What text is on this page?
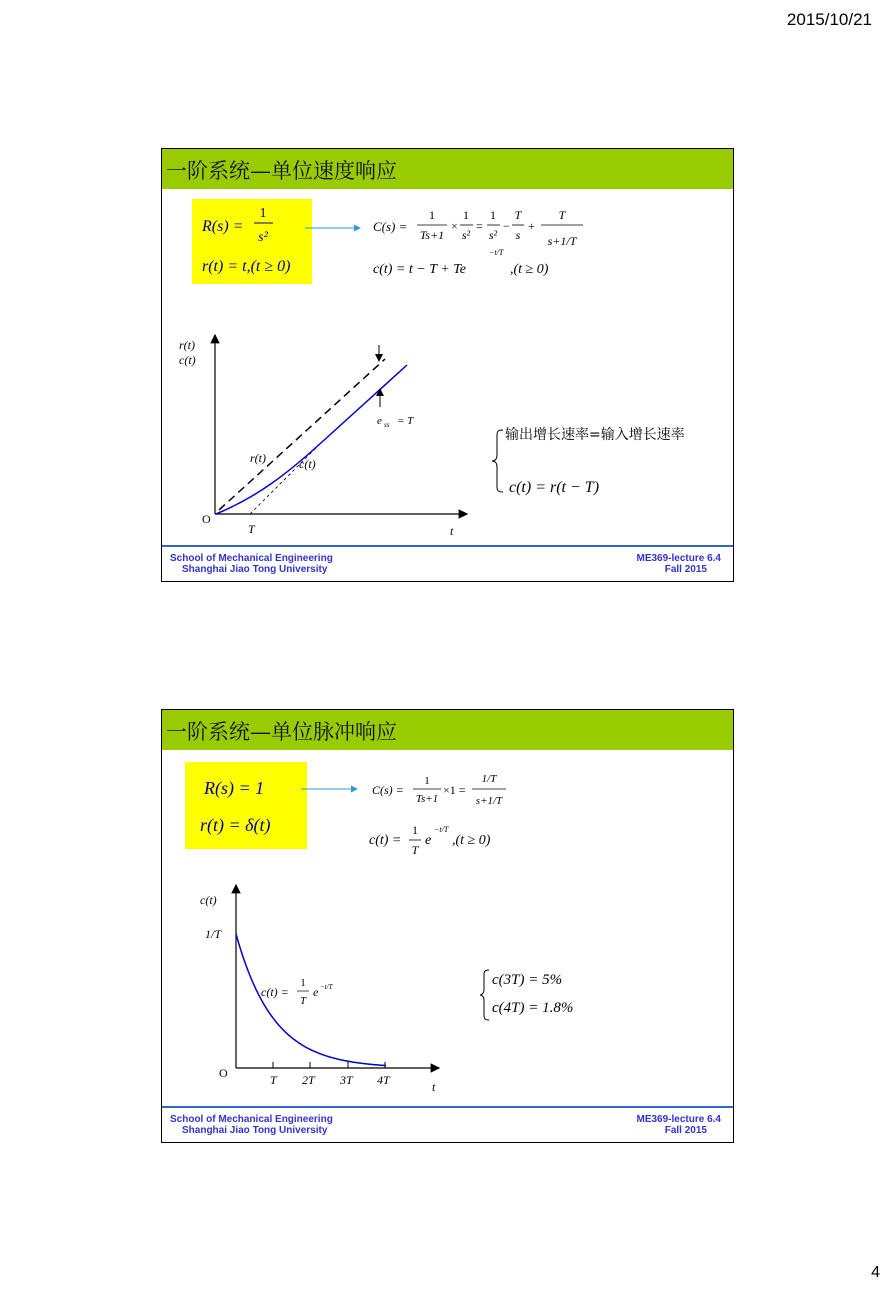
2015/10/21
一阶系统—单位速度响应
R(s) =
1
s²
r(t) = t,(t ≥ 0)
C(s) =
1
Ts+1
×
1
s²
=
1
s²
−
T
s
+
T
s+1/T
c(t) = t − T + Te
−t/T
,(t ≥ 0)
r(t)
c(t)
O
T	t
e ss = T
r(t)	c(t)
输出增长速率=输入增长速率
c(t) = r(t − T)
School of Mechanical Engineering
Shanghai Jiao Tong University
ME369-lecture 6.4
Fall 2015
一阶系统—单位脉冲响应
R(s) = 1
r(t) = δ(t)
C(s) =
1
Ts+1
×1 =
1/T
s+1/T
c(t) =
1
T
e
−t/T
,(t ≥ 0)
c(t)
1/T
O	T 2T 3T 4T	t
c(t) =
1
T
e −t/T	c(3T) = 5%
c(4T) = 1.8%
School of Mechanical Engineering
Shanghai Jiao Tong University
ME369-lecture 6.4
Fall 2015
4
